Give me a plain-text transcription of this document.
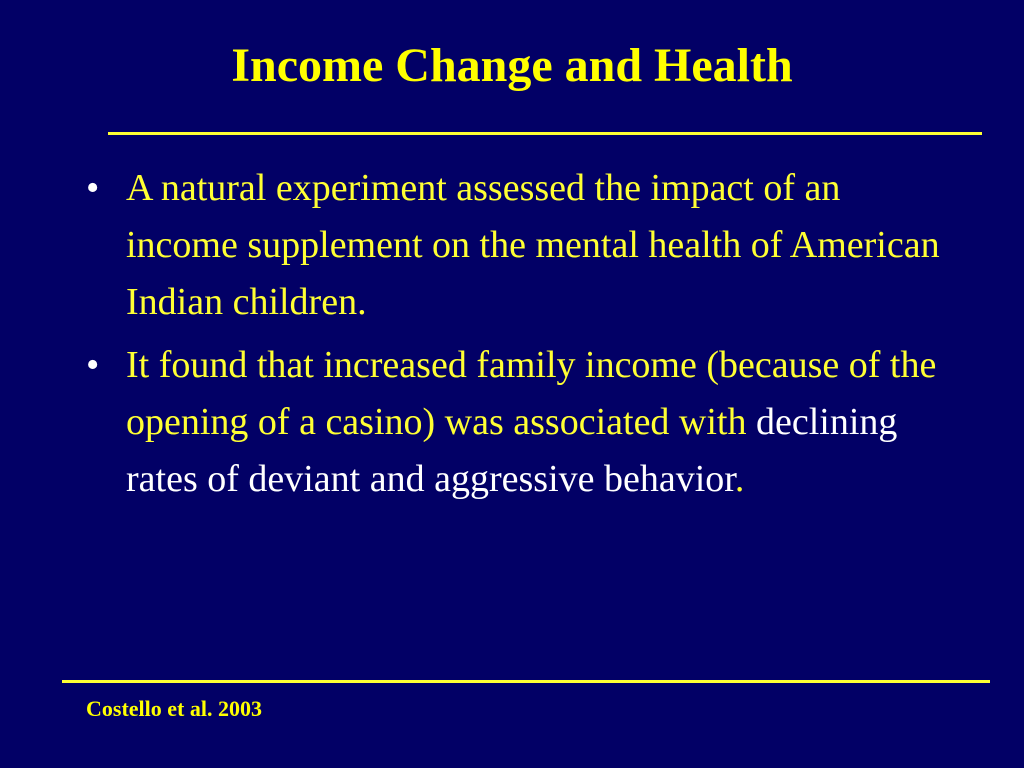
Income Change and Health
• A natural experiment assessed the impact of an income supplement on the mental health of American Indian children.
• It found that increased family income (because of the opening of a casino) was associated with declining rates of deviant and aggressive behavior.
Costello et al. 2003
